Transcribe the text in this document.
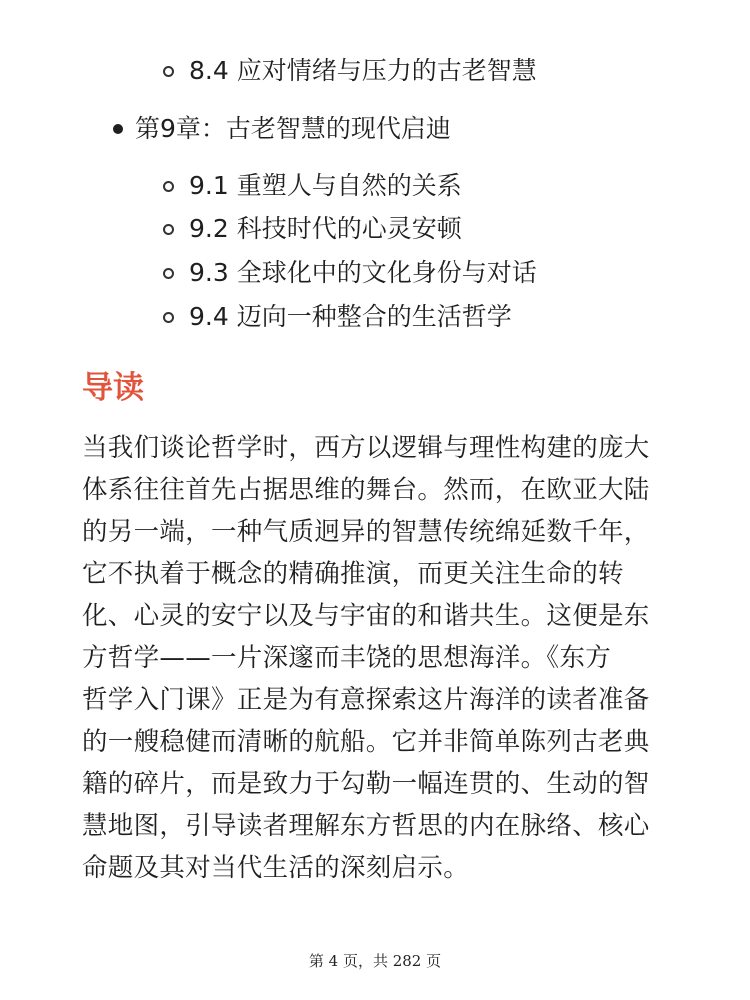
8.4 应对情绪与压力的古老智慧
第9章：古老智慧的现代启迪
9.1 重塑人与自然的关系
9.2 科技时代的心灵安顿
9.3 全球化中的文化身份与对话
9.4 迈向一种整合的生活哲学
导读
当我们谈论哲学时，西方以逻辑与理性构建的庞大
体系往往首先占据思维的舞台。然而，在欧亚大陆
的另一端，一种气质迥异的智慧传统绵延数千年，
它不执着于概念的精确推演，而更关注生命的转
化、心灵的安宁以及与宇宙的和谐共生。这便是东
方哲学——一片深邃而丰饶的思想海洋。《东方
哲学入门课》正是为有意探索这片海洋的读者准备
的一艘稳健而清晰的航船。它并非简单陈列古老典
籍的碎片，而是致力于勾勒一幅连贯的、生动的智
慧地图，引导读者理解东方哲思的内在脉络、核心
命题及其对当代生活的深刻启示。
第 4 页，共 282 页
